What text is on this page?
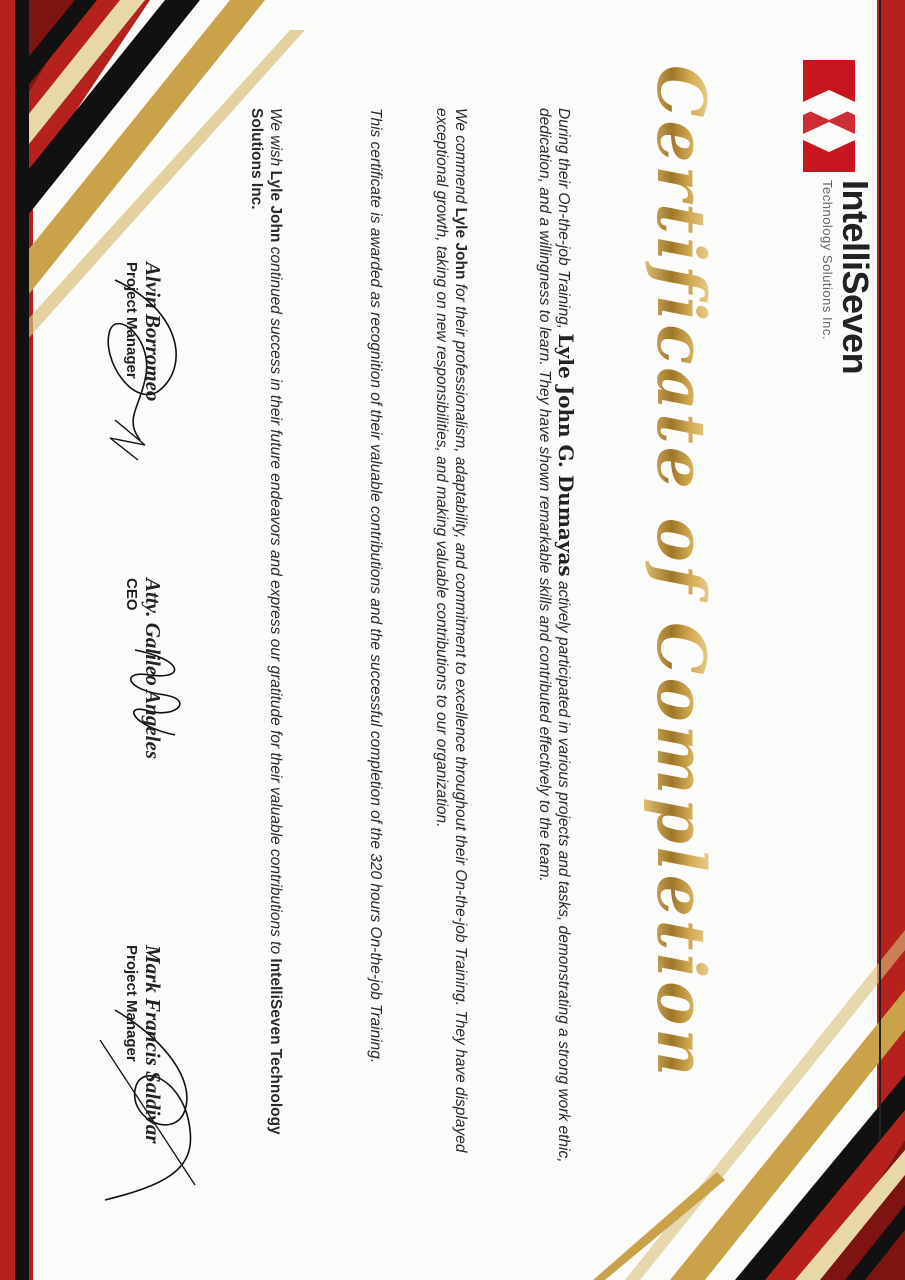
IntelliSeven
Technology Solutions Inc.
Certificate of Completion
During their On-the-job Training, Lyle John G. Dumayas actively participated in various projects and tasks, demonstrating a strong work ethic, dedication, and a willingness to learn. They have shown remarkable skills and contributed effectively to the team.
We commend Lyle John for their professionalism, adaptability, and commitment to excellence throughout their On-the-job Training. They have displayed exceptional growth, taking on new responsibilities, and making valuable contributions to our organization.
This certificate is awarded as recognition of their valuable contributions and the successful completion of the 320 hours On-the-job Training.
We wish Lyle John continued success in their future endeavors and express our gratitude for their valuable contributions to IntelliSeven Technology Solutions Inc.
Alvin Borromeo
Project Manager
Atty. Galileo Angeles
CEO
Mark Francis Saldivar
Project Manager
